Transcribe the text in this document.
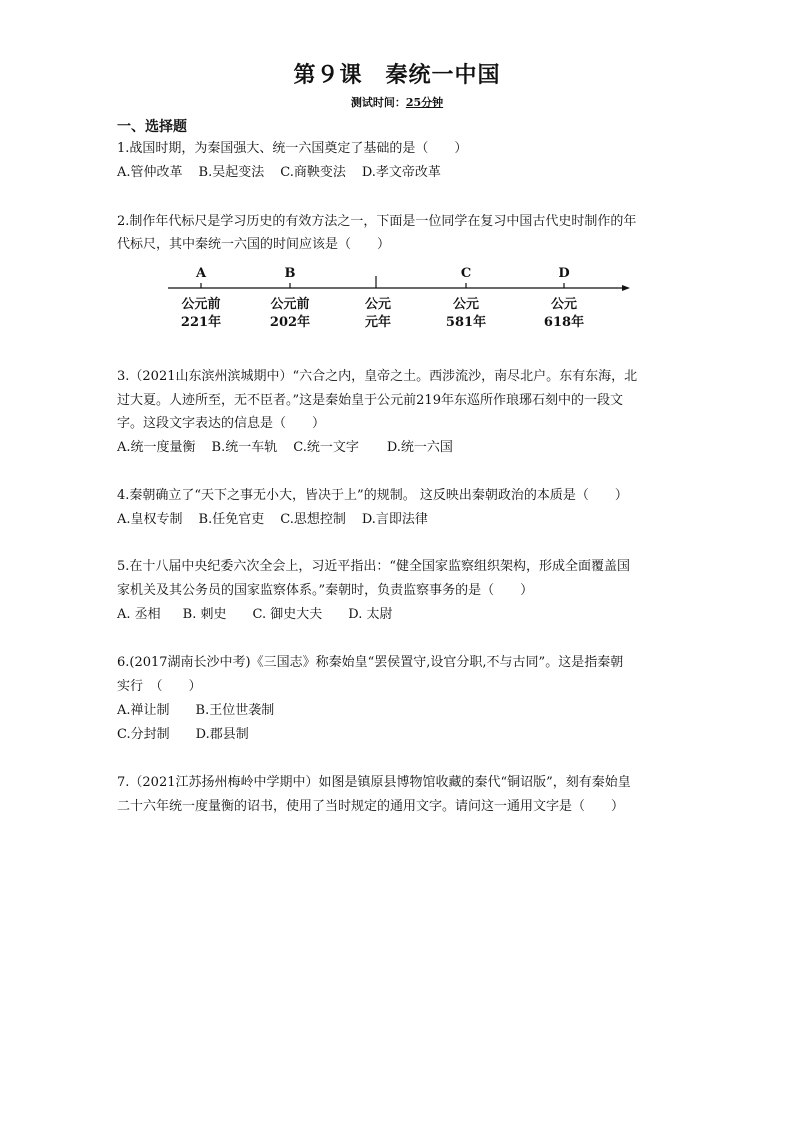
第９课　秦统一中国
测试时间：25分钟
一、选择题
1.战国时期，为秦国强大、统一六国奠定了基础的是（　　）
A.管仲改革 B.吴起变法 C.商鞅变法 D.孝文帝改革
2.制作年代标尺是学习历史的有效方法之一，下面是一位同学在复习中国古代史时制作的年
代标尺，其中秦统一六国的时间应该是（　　）
A	B	C	D
公元前
221年
公元前
202年
公元
元年
公元
581年
公元
618年
3.（2021山东滨州滨城期中）“六合之内，皇帝之土。西涉流沙，南尽北户。东有东海，北
过大夏。人迹所至，无不臣者。”这是秦始皇于公元前219年东巡所作琅琊石刻中的一段文
字。这段文字表达的信息是（　　）
A.统一度量衡 B.统一车轨 C.统一文字 D.统一六国
4.秦朝确立了“天下之事无小大，皆决于上”的规制。 这反映出秦朝政治的本质是（　　）
A.皇权专制 B.任免官吏 C.思想控制 D.言即法律
5.在十八届中央纪委六次全会上，习近平指出：“健全国家监察组织架构，形成全面覆盖国
家机关及其公务员的国家监察体系。”秦朝时，负责监察事务的是（　　）
A. 丞相 B. 刺史 C. 御史大夫 D. 太尉
6.(2017湖南长沙中考)《三国志》称秦始皇“罢侯置守,设官分职,不与古同”。这是指秦朝
实行　（　　）
A.禅让制 B.王位世袭制
C.分封制 D.郡县制
7.（2021江苏扬州梅岭中学期中）如图是镇原县博物馆收藏的秦代“铜诏版”，刻有秦始皇
二十六年统一度量衡的诏书，使用了当时规定的通用文字。请问这一通用文字是（　　）
